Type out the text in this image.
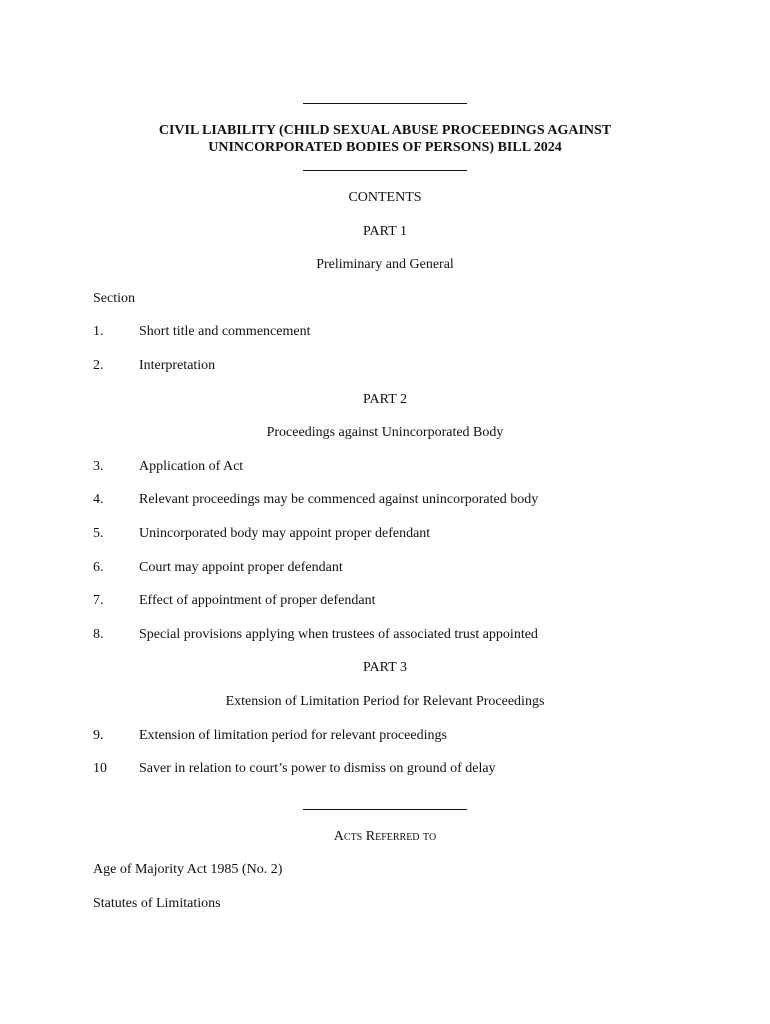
CIVIL LIABILITY (CHILD SEXUAL ABUSE PROCEEDINGS AGAINST
UNINCORPORATED BODIES OF PERSONS) BILL 2024
CONTENTS
PART 1
Preliminary and General
Section
1.	Short title and commencement
2.	Interpretation
PART 2
Proceedings against Unincorporated Body
3.	Application of Act
4.	Relevant proceedings may be commenced against unincorporated body
5.	Unincorporated body may appoint proper defendant
6.	Court may appoint proper defendant
7.	Effect of appointment of proper defendant
8.	Special provisions applying when trustees of associated trust appointed
PART 3
Extension of Limitation Period for Relevant Proceedings
9.	Extension of limitation period for relevant proceedings
10 Saver in relation to court’s power to dismiss on ground of delay
Acts Referred to
Age of Majority Act 1985 (No. 2)
Statutes of Limitations
